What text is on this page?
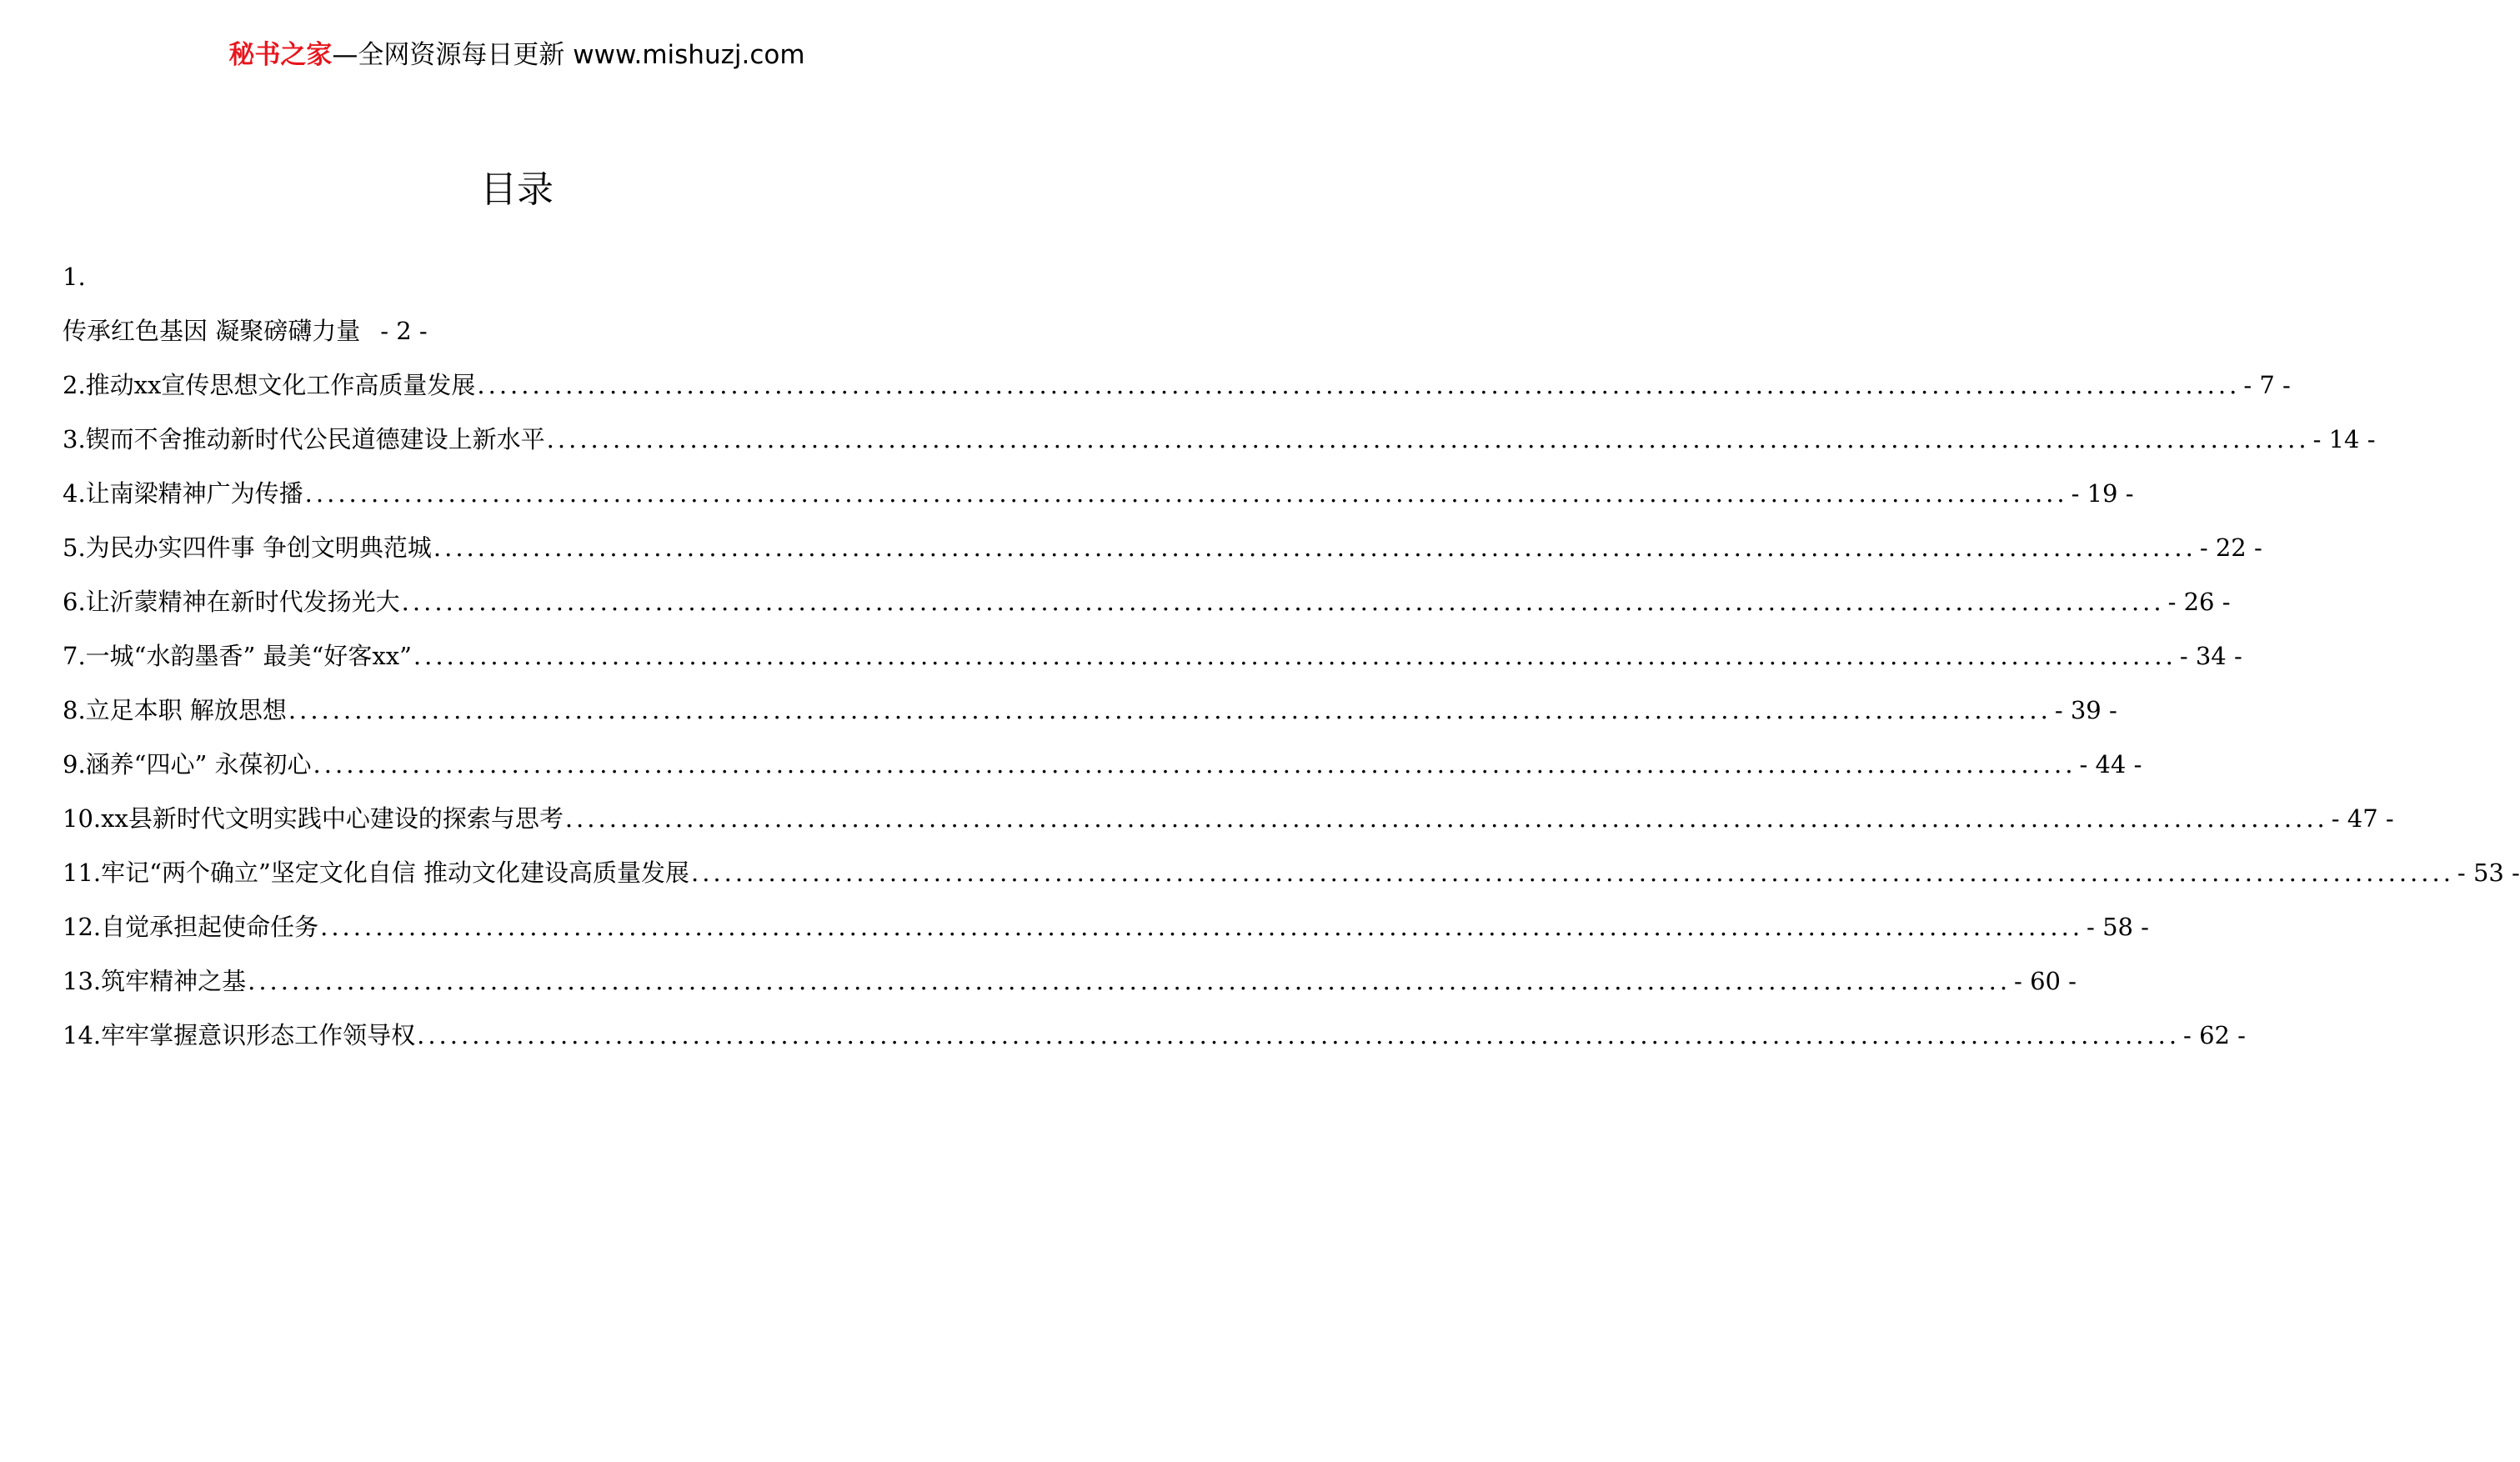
秘书之家—全网资源每日更新 www.mishuzj.com
目录
1.
传承红色基因 凝聚磅礴力量 - 2 -
2.推动xx宣传思想文化工作高质量发展 ................................................................................................................................................................ - 7 -
3.锲而不舍推动新时代公民道德建设上新水平 ................................................................................................................................................................ - 14 -
4.让南梁精神广为传播 ................................................................................................................................................................ - 19 -
5.为民办实四件事 争创文明典范城 ................................................................................................................................................................ - 22 -
6.让沂蒙精神在新时代发扬光大 ................................................................................................................................................................ - 26 -
7.一城“水韵墨香” 最美“好客xx” ................................................................................................................................................................ - 34 -
8.立足本职 解放思想 ................................................................................................................................................................ - 39 -
9.涵养“四心” 永葆初心 ................................................................................................................................................................ - 44 -
10.xx县新时代文明实践中心建设的探索与思考 ................................................................................................................................................................ - 47 -
11.牢记“两个确立”坚定文化自信 推动文化建设高质量发展 ................................................................................................................................................................ - 53 -
12.自觉承担起使命任务 ................................................................................................................................................................ - 58 -
13.筑牢精神之基 ................................................................................................................................................................ - 60 -
14.牢牢掌握意识形态工作领导权 ................................................................................................................................................................ - 62 -
